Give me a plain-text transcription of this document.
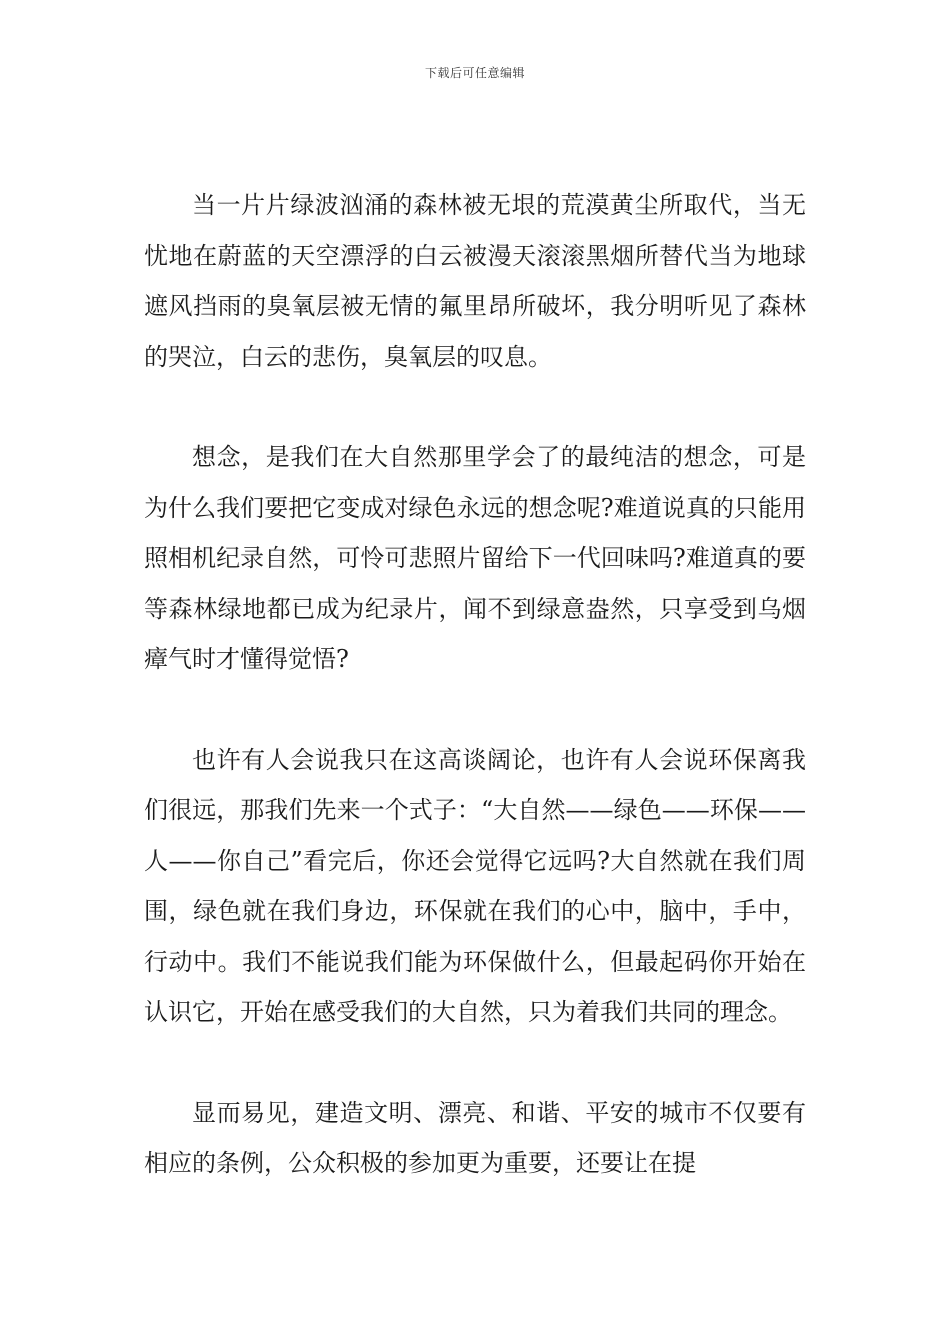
下载后可任意编辑

当一片片绿波汹涌的森林被无垠的荒漠黄尘所取代，当无忧地在蔚蓝的天空漂浮的白云被漫天滚滚黑烟所替代当为地球遮风挡雨的臭氧层被无情的氟里昂所破坏，我分明听见了森林的哭泣，白云的悲伤，臭氧层的叹息。

想念，是我们在大自然那里学会了的最纯洁的想念，可是为什么我们要把它变成对绿色永远的想念呢?难道说真的只能用照相机纪录自然，可怜可悲照片留给下一代回味吗?难道真的要等森林绿地都已成为纪录片，闻不到绿意盎然，只享受到乌烟瘴气时才懂得觉悟?

也许有人会说我只在这高谈阔论，也许有人会说环保离我们很远，那我们先来一个式子：“大自然——绿色——环保——人——你自己”看完后，你还会觉得它远吗?大自然就在我们周围，绿色就在我们身边，环保就在我们的心中，脑中，手中，行动中。我们不能说我们能为环保做什么，但最起码你开始在认识它，开始在感受我们的大自然，只为着我们共同的理念。

显而易见，建造文明、漂亮、和谐、平安的城市不仅要有相应的条例，公众积极的参加更为重要，还要让在提
